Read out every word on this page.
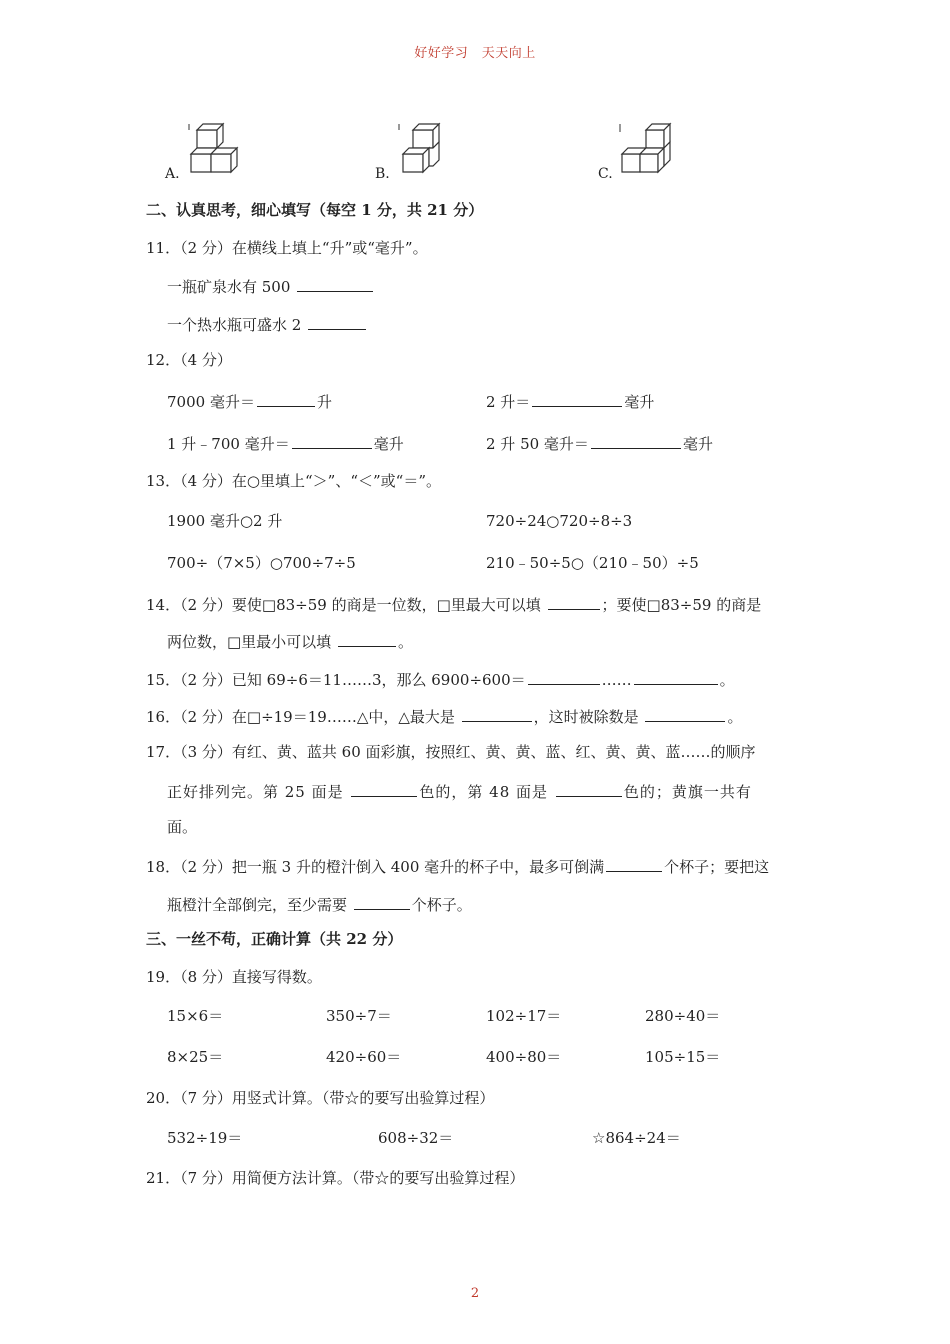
好好学习　天天向上
A.	B.	C.
二、认真思考，细心填写（每空 1 分，共 21 分）
11．（2 分）在横线上填上“升”或“毫升”。
一瓶矿泉水有 500
一个热水瓶可盛水 2
12．（4 分）
7000 毫升＝	升	2 升＝	毫升
1 升﹣700 毫升＝	毫升	2 升 50 毫升＝	毫升
13．（4 分）在○里填上“＞”、“＜”或“＝”。
1900 毫升○2 升	720÷24○720÷8÷3
700÷（7×5）○700÷7÷5	210﹣50÷5○（210﹣50）÷5
14．（2 分）要使□83÷59 的商是一位数，□里最大可以填	；要使□83÷59 的商是
两位数，□里最小可以填	。
15．（2 分）已知 69÷6＝11……3，那么 6900÷600＝	……	。
16．（2 分）在□÷19＝19……△中，△最大是	，这时被除数是	。
17．（3 分）有红、黄、蓝共 60 面彩旗，按照红、黄、黄、蓝、红、黄、黄、蓝……的顺序
正好排列完。第 25 面是	色的，第 48 面是	色的；黄旗一共有
面。
18．（2 分）把一瓶 3 升的橙汁倒入 400 毫升的杯子中，最多可倒满	个杯子；要把这
瓶橙汁全部倒完，至少需要	个杯子。
三、一丝不苟，正确计算（共 22 分）
19．（8 分）直接写得数。
15×6＝	350÷7＝	102÷17＝	280÷40＝
8×25＝	420÷60＝	400÷80＝	105÷15＝
20．（7 分）用竖式计算。（带☆的要写出验算过程）
532÷19＝	608÷32＝	☆864÷24＝
21．（7 分）用简便方法计算。（带☆的要写出验算过程）
2
